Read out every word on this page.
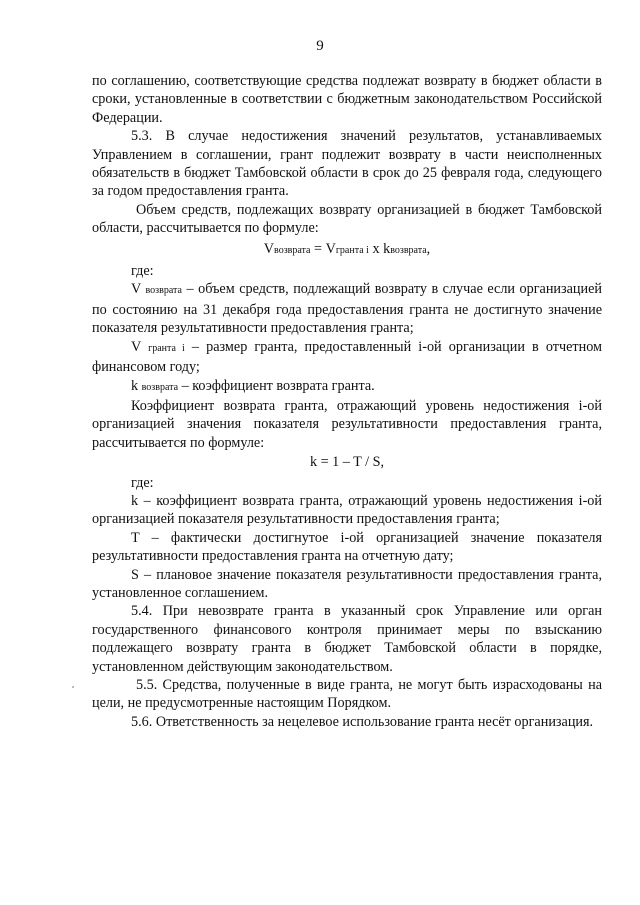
9

по соглашению, соответствующие средства подлежат возврату в бюджет области в сроки, установленные в соответствии с бюджетным законодательством Российской Федерации.

5.3. В случае недостижения значений результатов, устанавливаемых Управлением в соглашении, грант подлежит возврату в части неисполненных обязательств в бюджет Тамбовской области в срок до 25 февраля года, следующего за годом предоставления гранта.

Объем средств, подлежащих возврату организацией в бюджет Тамбовской области, рассчитывается по формуле:

Vвозврата = Vгранта i x kвозврата,

где:

V возврата – объем средств, подлежащий возврату в случае если организацией по состоянию на 31 декабря года предоставления гранта не достигнуто значение показателя результативности предоставления гранта;

V гранта i – размер гранта, предоставленный i-ой организации в отчетном финансовом году;

k возврата – коэффициент возврата гранта.

Коэффициент возврата гранта, отражающий уровень недостижения i-ой организацией значения показателя результативности предоставления гранта, рассчитывается по формуле:

k = 1 – T / S,

где:

k – коэффициент возврата гранта, отражающий уровень недостижения i-ой организацией показателя результативности предоставления гранта;

T – фактически достигнутое i-ой организацией значение показателя результативности предоставления гранта на отчетную дату;

S – плановое значение показателя результативности предоставления гранта, установленное соглашением.

5.4. При невозврате гранта в указанный срок Управление или орган государственного финансового контроля принимает меры по взысканию подлежащего возврату гранта в бюджет Тамбовской области в порядке, установленном действующим законодательством.

5.5. Средства, полученные в виде гранта, не могут быть израсходованы на цели, не предусмотренные настоящим Порядком.

5.6. Ответственность за нецелевое использование гранта несёт организация.
